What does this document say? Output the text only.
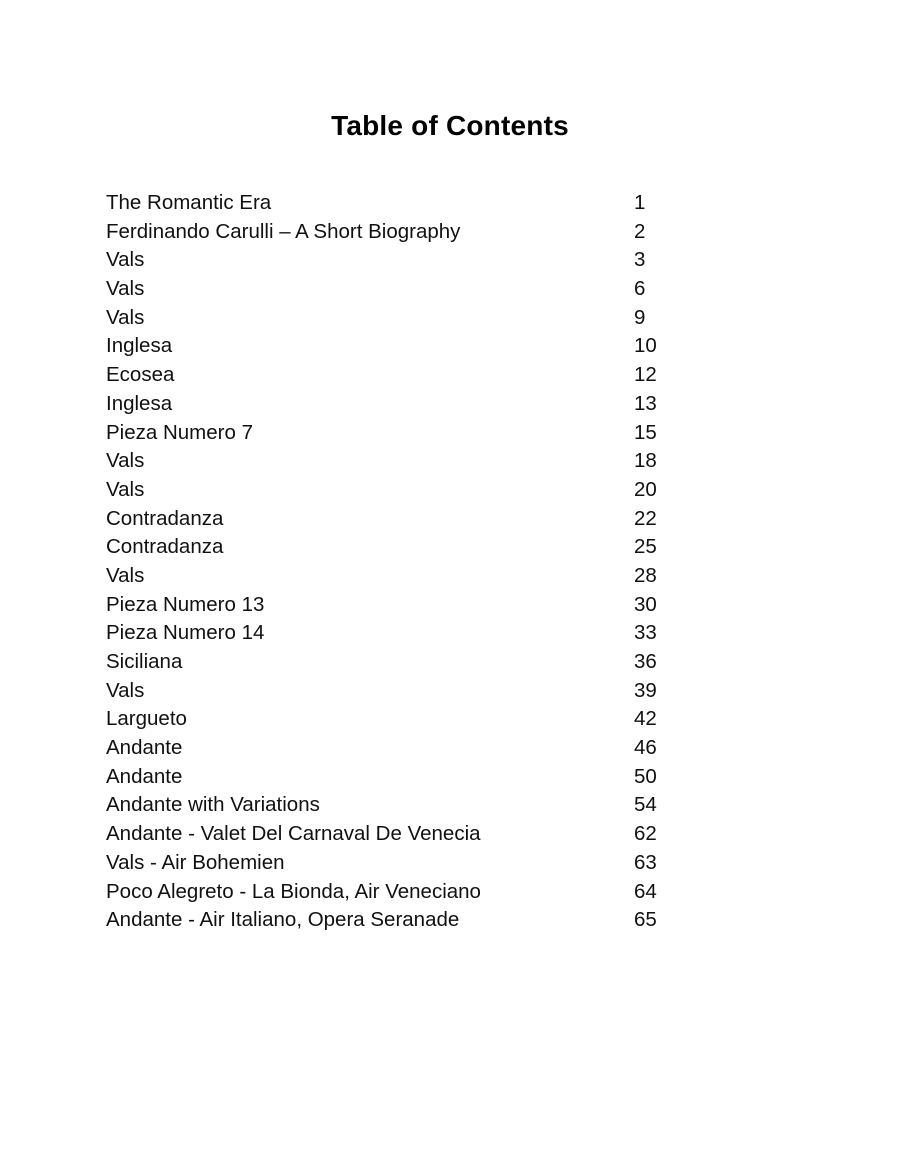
Table of Contents
The Romantic Era	1
Ferdinando Carulli – A Short Biography	2
Vals	3
Vals	6
Vals	9
Inglesa	10
Ecosea	12
Inglesa	13
Pieza Numero 7	15
Vals	18
Vals	20
Contradanza	22
Contradanza	25
Vals	28
Pieza Numero 13	30
Pieza Numero 14	33
Siciliana	36
Vals	39
Largueto	42
Andante	46
Andante	50
Andante with Variations	54
Andante - Valet Del Carnaval De Venecia	62
Vals - Air Bohemien	63
Poco Alegreto - La Bionda, Air Veneciano	64
Andante - Air Italiano, Opera Seranade	65
